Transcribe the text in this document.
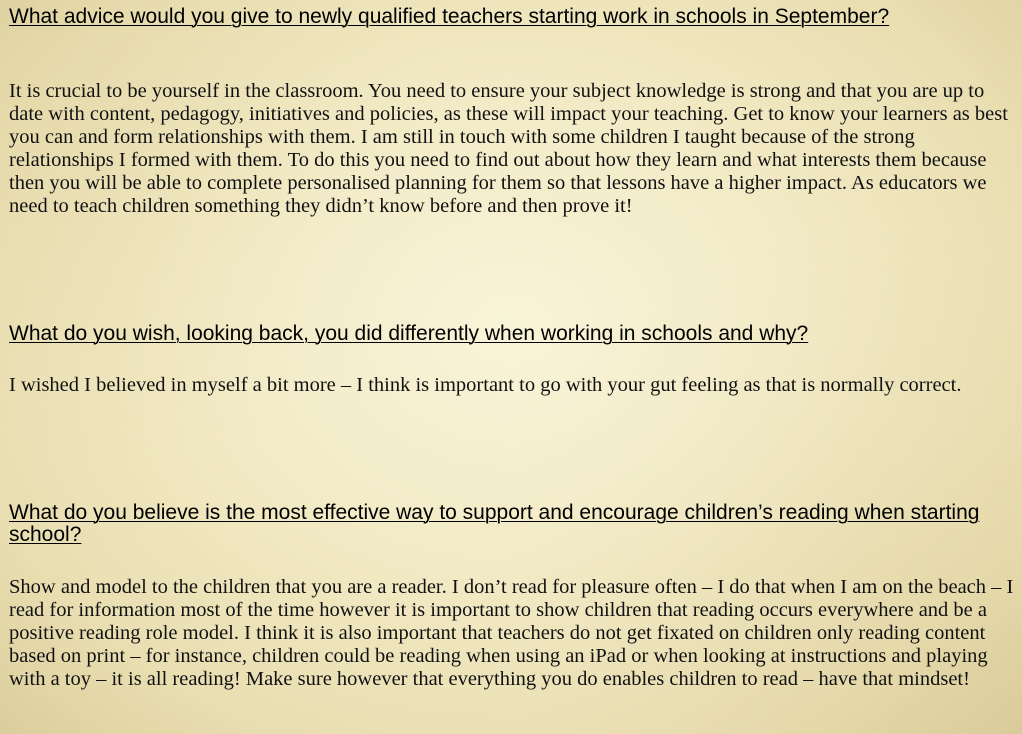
What advice would you give to newly qualified teachers starting work in schools in September?

It is crucial to be yourself in the classroom. You need to ensure your subject knowledge is strong and that you are up to date with content, pedagogy, initiatives and policies, as these will impact your teaching. Get to know your learners as best you can and form relationships with them. I am still in touch with some children I taught because of the strong relationships I formed with them. To do this you need to find out about how they learn and what interests them because then you will be able to complete personalised planning for them so that lessons have a higher impact. As educators we need to teach children something they didn’t know before and then prove it!

What do you wish, looking back, you did differently when working in schools and why?

I wished I believed in myself a bit more – I think is important to go with your gut feeling as that is normally correct.

What do you believe is the most effective way to support and encourage children’s reading when starting school?

Show and model to the children that you are a reader. I don’t read for pleasure often – I do that when I am on the beach – I read for information most of the time however it is important to show children that reading occurs everywhere and be a positive reading role model. I think it is also important that teachers do not get fixated on children only reading content based on print – for instance, children could be reading when using an iPad or when looking at instructions and playing with a toy – it is all reading! Make sure however that everything you do enables children to read – have that mindset!
